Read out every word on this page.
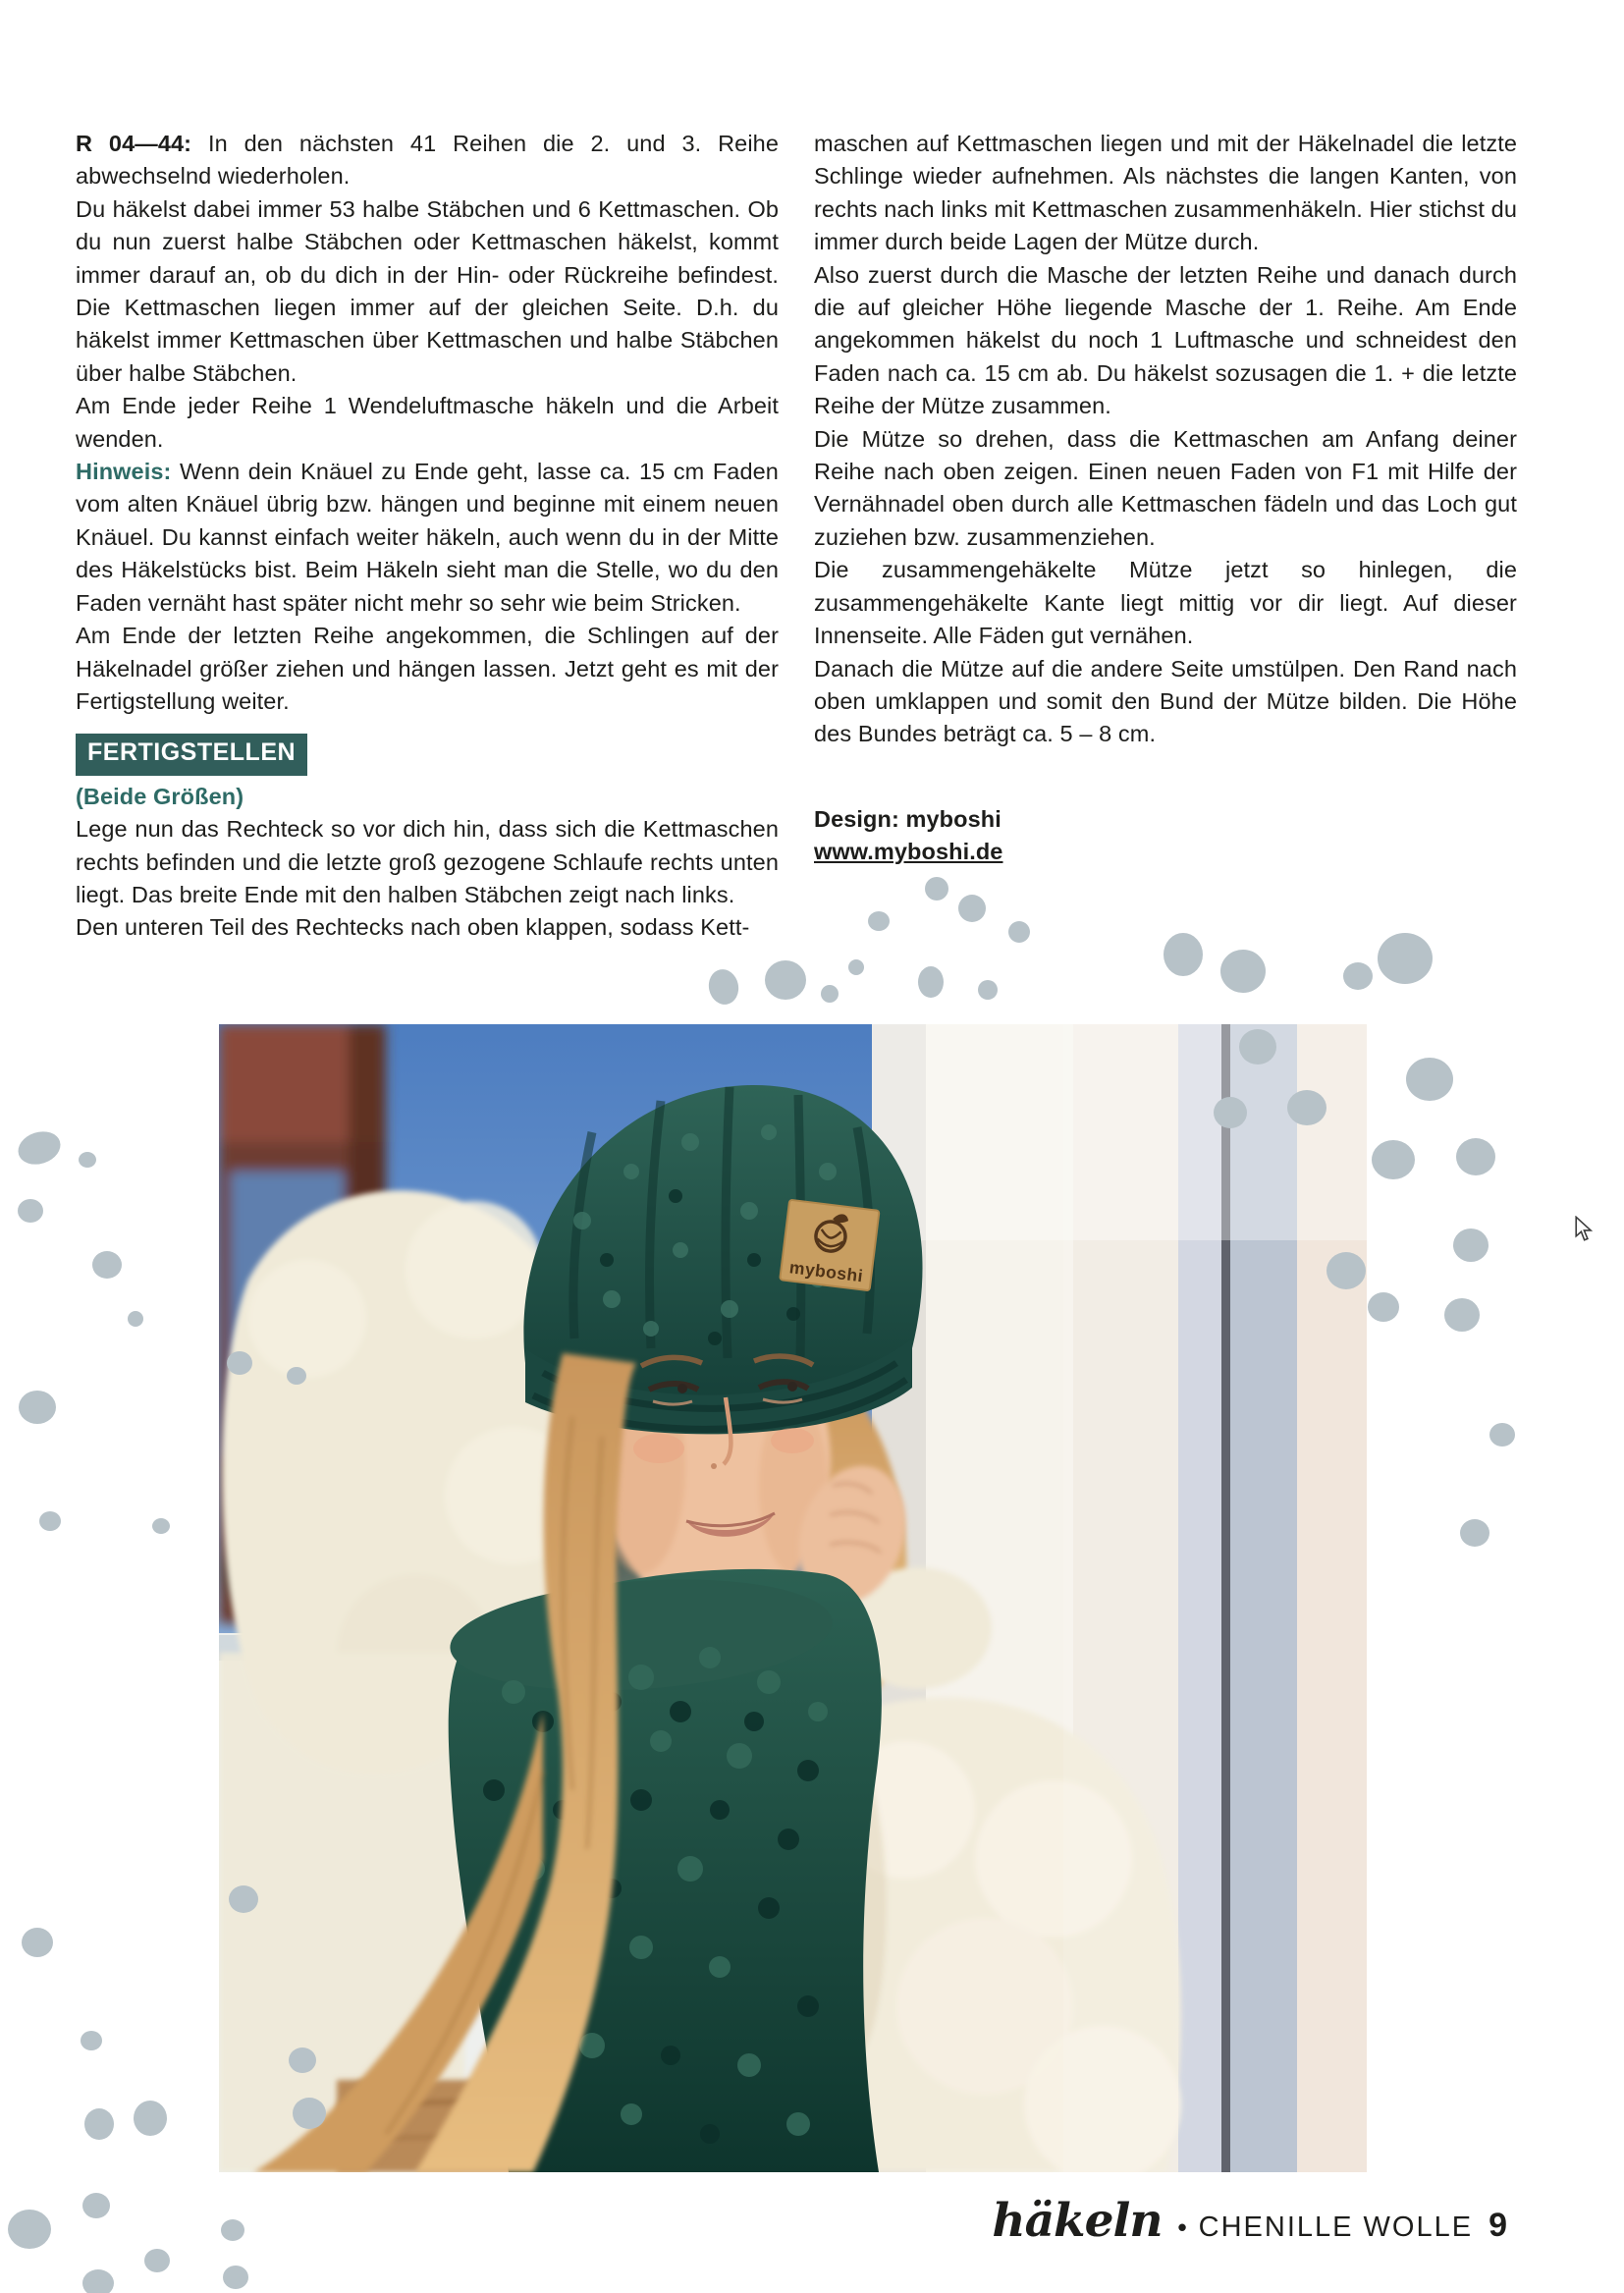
R 04—44: In den nächsten 41 Reihen die 2. und 3. Reihe abwechselnd wiederholen.

Du häkelst dabei immer 53 halbe Stäbchen und 6 Kettmaschen. Ob du nun zuerst halbe Stäbchen oder Kettmaschen häkelst, kommt immer darauf an, ob du dich in der Hin- oder Rückreihe befindest. Die Kettmaschen liegen immer auf der gleichen Seite. D.h. du häkelst immer Kettmaschen über Kettmaschen und halbe Stäbchen über halbe Stäbchen.

Am Ende jeder Reihe 1 Wendeluftmasche häkeln und die Arbeit wenden.

Hinweis: Wenn dein Knäuel zu Ende geht, lasse ca. 15 cm Faden vom alten Knäuel übrig bzw. hängen und beginne mit einem neuen Knäuel. Du kannst einfach weiter häkeln, auch wenn du in der Mitte des Häkelstücks bist. Beim Häkeln sieht man die Stelle, wo du den Faden vernäht hast später nicht mehr so sehr wie beim Stricken.

Am Ende der letzten Reihe angekommen, die Schlingen auf der Häkelnadel größer ziehen und hängen lassen. Jetzt geht es mit der Fertigstellung weiter.

FERTIGSTELLEN

(Beide Größen)

Lege nun das Rechteck so vor dich hin, dass sich die Kettmaschen rechts befinden und die letzte groß gezogene Schlaufe rechts unten liegt. Das breite Ende mit den halben Stäbchen zeigt nach links.

Den unteren Teil des Rechtecks nach oben klappen, sodass Kett-

maschen auf Kettmaschen liegen und mit der Häkelnadel die letzte Schlinge wieder aufnehmen. Als nächstes die langen Kanten, von rechts nach links mit Kettmaschen zusammenhäkeln. Hier stichst du immer durch beide Lagen der Mütze durch.

Also zuerst durch die Masche der letzten Reihe und danach durch die auf gleicher Höhe liegende Masche der 1. Reihe. Am Ende angekommen häkelst du noch 1 Luftmasche und schneidest den Faden nach ca. 15 cm ab. Du häkelst sozusagen die 1. + die letzte Reihe der Mütze zusammen.

Die Mütze so drehen, dass die Kettmaschen am Anfang deiner Reihe nach oben zeigen. Einen neuen Faden von F1 mit Hilfe der Vernähnadel oben durch alle Kettmaschen fädeln und das Loch gut zuziehen bzw. zusammenziehen.

Die zusammengehäkelte Mütze jetzt so hinlegen, die zusammengehäkelte Kante liegt mittig vor dir liegt. Auf dieser Innenseite. Alle Fäden gut vernähen.

Danach die Mütze auf die andere Seite umstülpen. Den Rand nach oben umklappen und somit den Bund der Mütze bilden. Die Höhe des Bundes beträgt ca. 5 – 8 cm.

Design: myboshi

www.myboshi.de

myboshi
häkeln • CHENILLE WOLLE 9
